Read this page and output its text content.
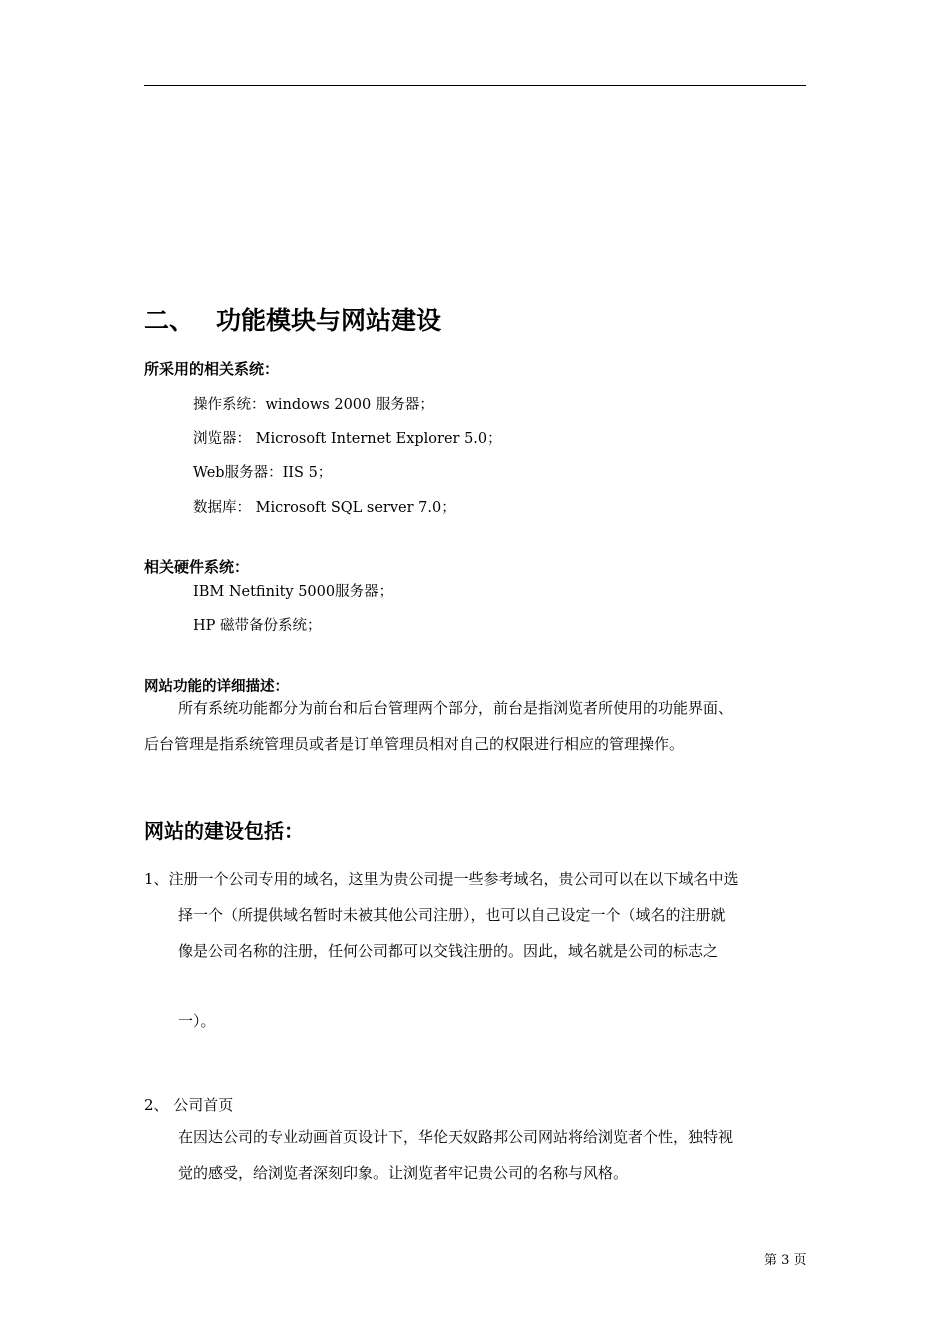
二、 功能模块与网站建设
所采用的相关系统：
操作系统：windows 2000 服务器；
浏览器： Microsoft Internet Explorer 5.0；
Web服务器：IIS 5；
数据库： Microsoft SQL server 7.0；
相关硬件系统：
IBM Netfinity 5000服务器；
HP 磁带备份系统；
网站功能的详细描述：
所有系统功能都分为前台和后台管理两个部分，前台是指浏览者所使用的功能界面、
后台管理是指系统管理员或者是订单管理员相对自己的权限进行相应的管理操作。
网站的建设包括：
1、注册一个公司专用的域名，这里为贵公司提一些参考域名，贵公司可以在以下域名中选
择一个（所提供域名暂时未被其他公司注册），也可以自己设定一个（域名的注册就
像是公司名称的注册，任何公司都可以交钱注册的。因此，域名就是公司的标志之
一）。
2、 公司首页
在因达公司的专业动画首页设计下，华伦天奴路邦公司网站将给浏览者个性，独特视
觉的感受，给浏览者深刻印象。让浏览者牢记贵公司的名称与风格。
第 3 页
